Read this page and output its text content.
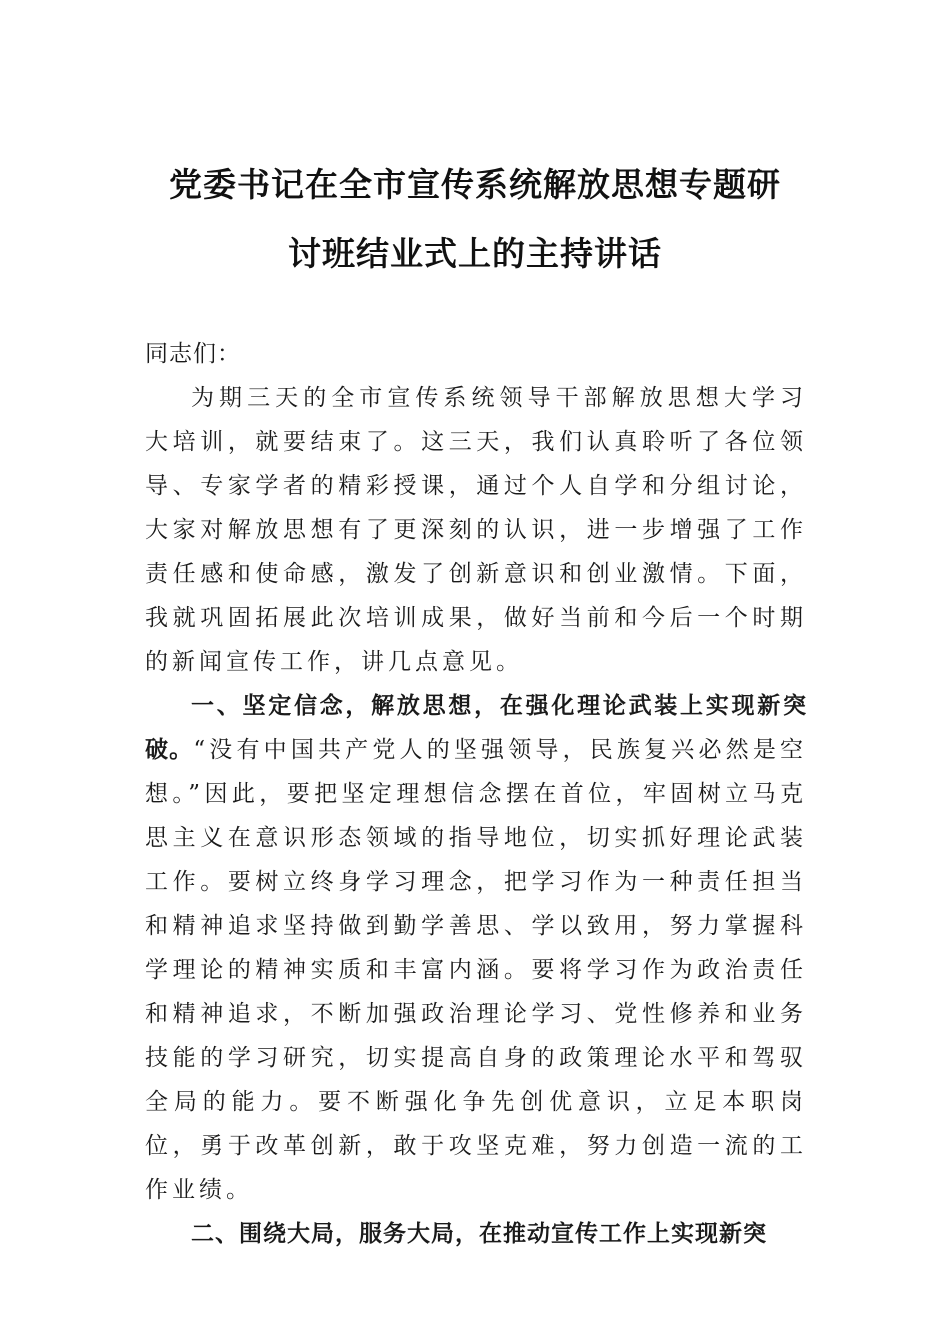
党委书记在全市宣传系统解放思想专题研
讨班结业式上的主持讲话

同志们：

为期三天的全市宣传系统领导干部解放思想大学习大培训，就要结束了。这三天，我们认真聆听了各位领导、专家学者的精彩授课，通过个人自学和分组讨论，大家对解放思想有了更深刻的认识，进一步增强了工作责任感和使命感，激发了创新意识和创业激情。下面，我就巩固拓展此次培训成果，做好当前和今后一个时期的新闻宣传工作，讲几点意见。

一、坚定信念，解放思想，在强化理论武装上实现新突破。“没有中国共产党人的坚强领导，民族复兴必然是空想。”因此，要把坚定理想信念摆在首位，牢固树立马克思主义在意识形态领域的指导地位，切实抓好理论武装工作。要树立终身学习理念，把学习作为一种责任担当和精神追求坚持做到勤学善思、学以致用，努力掌握科学理论的精神实质和丰富内涵。要将学习作为政治责任和精神追求，不断加强政治理论学习、党性修养和业务技能的学习研究，切实提高自身的政策理论水平和驾驭全局的能力。要不断强化争先创优意识，立足本职岗位，勇于改革创新，敢于攻坚克难，努力创造一流的工作业绩。

二、围绕大局，服务大局，在推动宣传工作上实现新突
